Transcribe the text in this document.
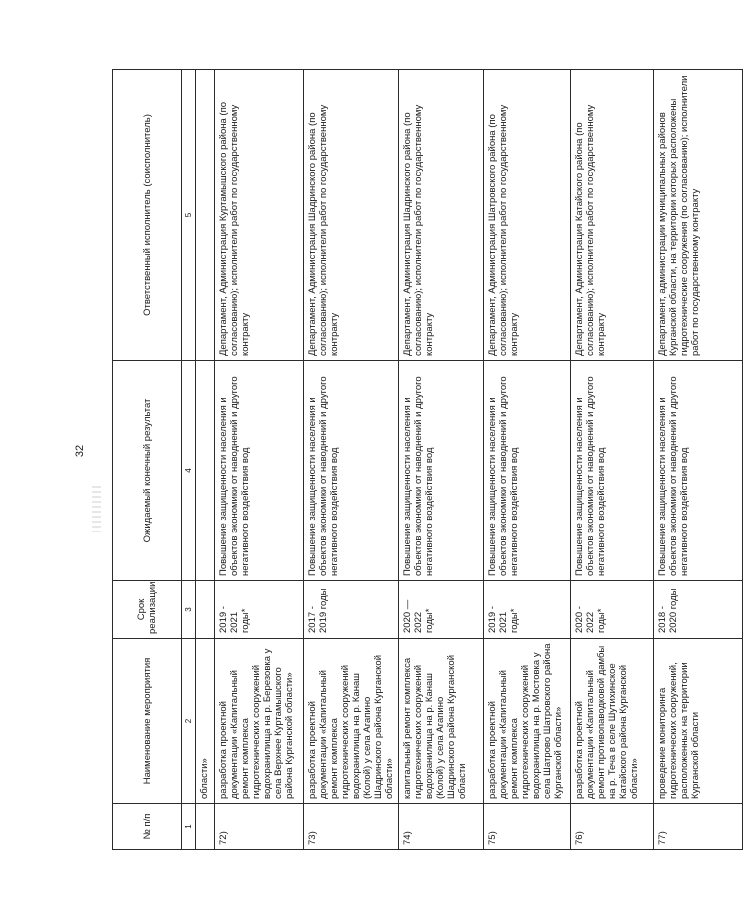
32
№ п/п	Наименование мероприятия	Срок реализации	Ожидаемый конечный результат	Ответственный исполнитель (соисполнитель)
1	2	3	4	5
	области»			
72)	разработка проектной документации «Капитальный ремонт комплекса гидротехнических сооружений водохранилища на р. Березовка у села Верхнее Куртамышского района Курганской области»	2019 - 2021 годы*	Повышение защищенности населения и объектов экономики от наводнений и другого негативного воздействия вод	Департамент, Администрация Куртамышского района (по согласованию); исполнители работ по государственному контракту
73)	разработка проектной документации «Капитальный ремонт комплекса гидротехнических сооружений водохранилища на р. Канаш (Колой) у села Агапино Шадринского района Курганской области»	2017 - 2019 годы	Повышение защищенности населения и объектов экономики от наводнений и другого негативного воздействия вод	Департамент, Администрация Шадринского района (по согласованию); исполнители работ по государственному контракту
74)	капитальный ремонт комплекса гидротехнических сооружений водохранилища на р. Канаш (Колой) у села Агапино Шадринского района Курганской области	2020 — 2022 годы*	Повышение защищенности населения и объектов экономики от наводнений и другого негативного воздействия вод	Департамент, Администрация Шадринского района (по согласованию); исполнители работ по государственному контракту
75)	разработка проектной документации «Капитальный ремонт комплекса гидротехнических сооружений водохранилища на р. Мостовка у села Шатрово Шатровского района Курганской области»	2019 - 2021 годы*	Повышение защищенности населения и объектов экономики от наводнений и другого негативного воздействия вод	Департамент, Администрация Шатровского района (по согласованию); исполнители работ по государственному контракту
76)	разработка проектной документации «Капитальный ремонт противопаводковой дамбы на р. Теча в селе Шутихинское Катайского района Курганской области»	2020 - 2022 годы*	Повышение защищенности населения и объектов экономики от наводнений и другого негативного воздействия вод	Департамент, Администрация Катайского района (по согласованию); исполнители работ по государственному контракту
77)	проведение мониторинга гидротехнических сооружений, расположенных на территории Курганской области	2018 - 2020 годы	Повышение защищенности населения и объектов экономики от наводнений и другого негативного воздействия вод	Департамент, администрации муниципальных районов Курганской области, на территории которых расположены гидротехнические сооружения (по согласованию); исполнители работ по государственному контракту
